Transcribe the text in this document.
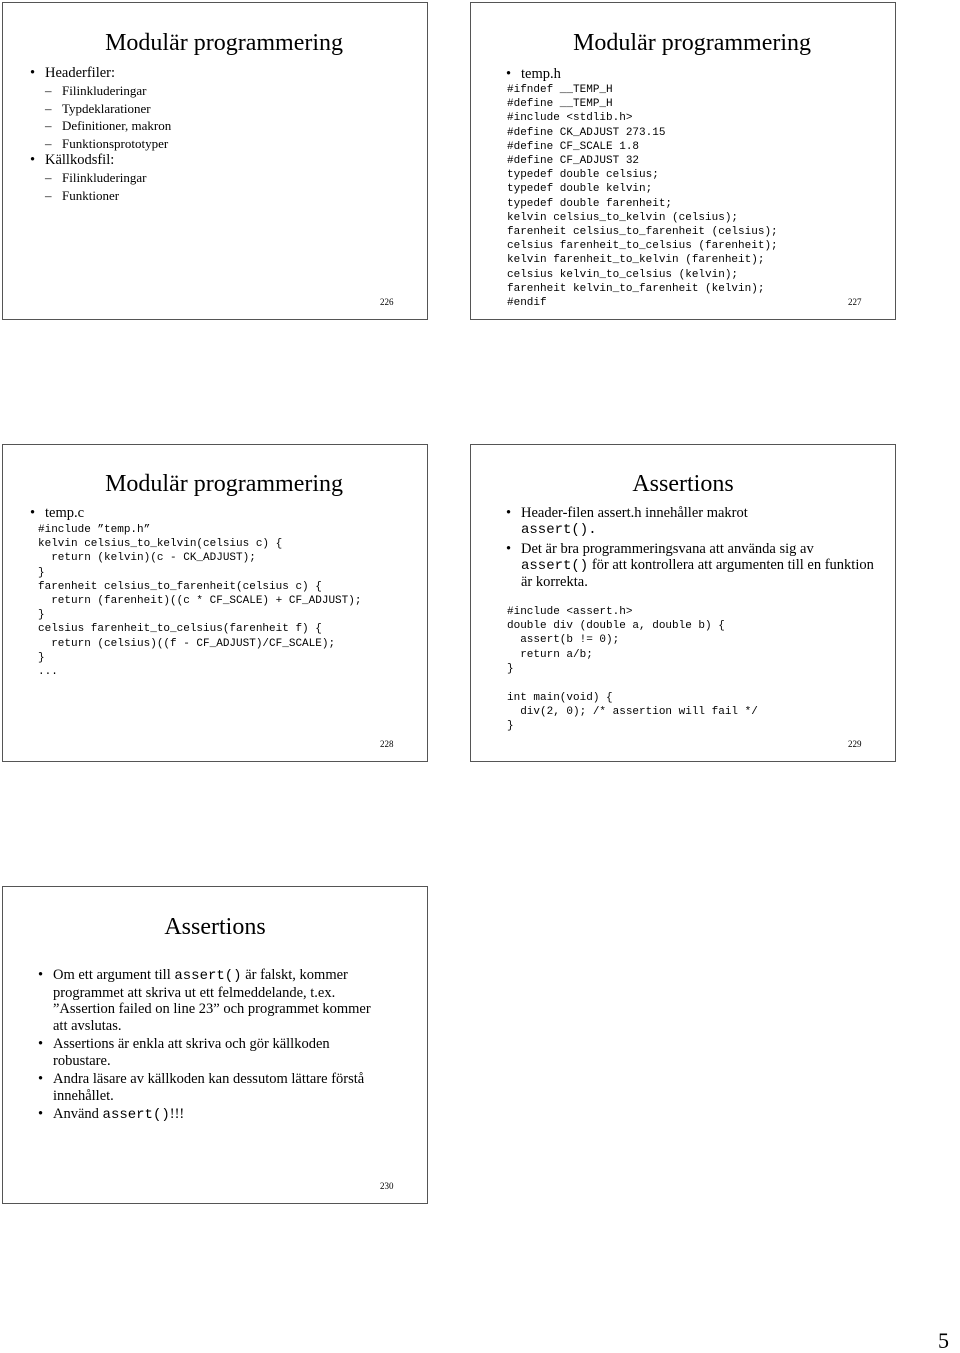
Modulär programmering
• Headerfiler:
– Filinkluderingar
– Typdeklarationer
– Definitioner, makron
– Funktionsprototyper
• Källkodsfil:
– Filinkluderingar
– Funktioner
226
Modulär programmering
• temp.h
#ifndef __TEMP_H
#define __TEMP_H
#include <stdlib.h>
#define CK_ADJUST 273.15
#define CF_SCALE 1.8
#define CF_ADJUST 32
typedef double celsius;
typedef double kelvin;
typedef double farenheit;
kelvin celsius_to_kelvin (celsius);
farenheit celsius_to_farenheit (celsius);
celsius farenheit_to_celsius (farenheit);
kelvin farenheit_to_kelvin (farenheit);
celsius kelvin_to_celsius (kelvin);
farenheit kelvin_to_farenheit (kelvin);
#endif	227
Modulär programmering
• temp.c
#include ”temp.h”
kelvin celsius_to_kelvin(celsius c) {
return (kelvin)(c - CK_ADJUST);
}
farenheit celsius_to_farenheit(celsius c) {
return (farenheit)((c * CF_SCALE) + CF_ADJUST);
}
celsius farenheit_to_celsius(farenheit f) {
return (celsius)((f - CF_ADJUST)/CF_SCALE);
}
...
228
Assertions
• Header-filen assert.h innehåller makrot
assert().
• Det är bra programmeringsvana att använda sig av
assert() för att kontrollera att argumenten till en funktion är korrekta.
#include <assert.h>
double div (double a, double b) {
assert(b != 0);
return a/b;
}
int main(void) {
div(2, 0); /* assertion will fail */
}
229
Assertions
• Om ett argument till assert() är falskt, kommer programmet att skriva ut ett felmeddelande, t.ex. ”Assertion failed on line 23” och programmet kommer att avslutas.
• Assertions är enkla att skriva och gör källkoden robustare.
• Andra läsare av källkoden kan dessutom lättare förstå innehållet.
• Använd assert()!!!
230
5
